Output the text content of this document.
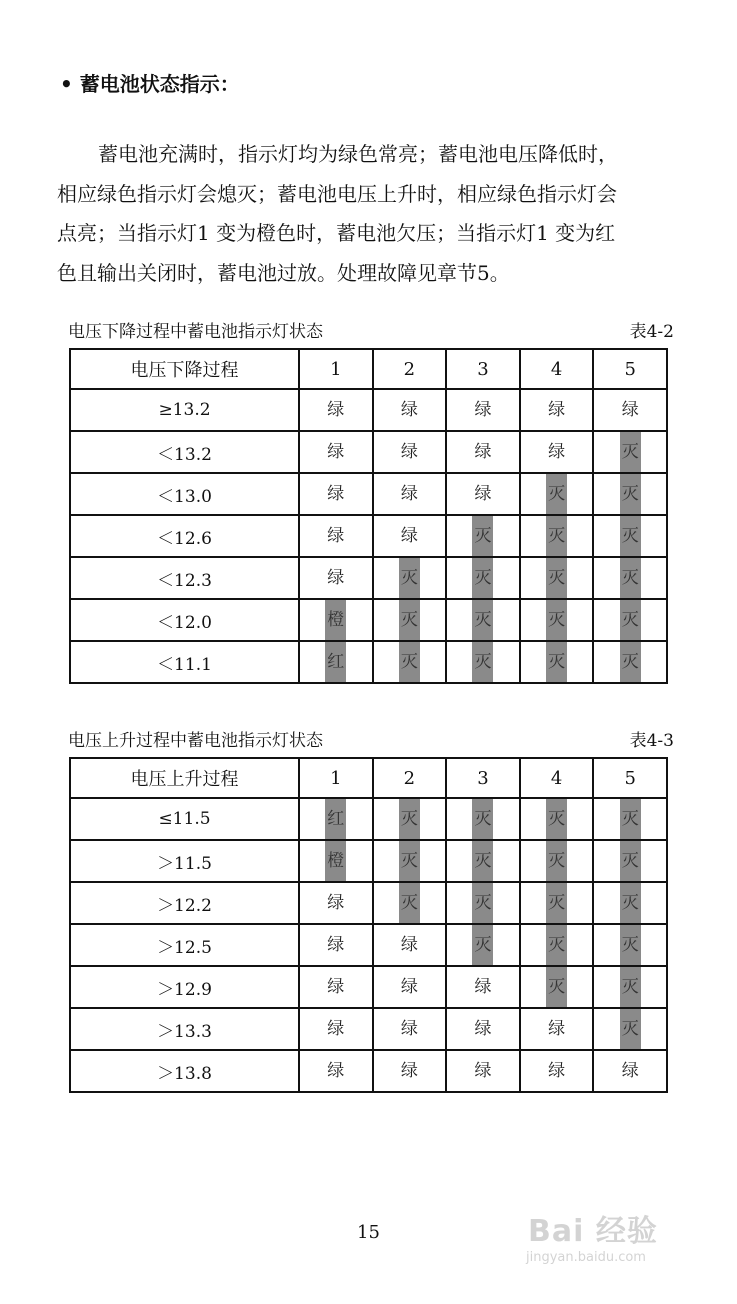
• 蓄电池状态指示：
蓄电池充满时，指示灯均为绿色常亮；蓄电池电压降低时，
相应绿色指示灯会熄灭；蓄电池电压上升时，相应绿色指示灯会
点亮；当指示灯1 变为橙色时，蓄电池欠压；当指示灯1 变为红
色且输出关闭时，蓄电池过放。处理故障见章节5。
电压下降过程中蓄电池指示灯状态	表4-2
电压下降过程	1	2	3	4	5
≥13.2	绿	绿	绿	绿	绿
＜13.2	绿	绿	绿	绿	灭
＜13.0	绿	绿	绿	灭	灭
＜12.6	绿	绿	灭	灭	灭
＜12.3	绿	灭	灭	灭	灭
＜12.0	橙	灭	灭	灭	灭
＜11.1	红	灭	灭	灭	灭
电压上升过程中蓄电池指示灯状态	表4-3
电压上升过程	1	2	3	4	5
≤11.5	红	灭	灭	灭	灭
＞11.5	橙	灭	灭	灭	灭
＞12.2	绿	灭	灭	灭	灭
＞12.5	绿	绿	灭	灭	灭
＞12.9	绿	绿	绿	灭	灭
＞13.3	绿	绿	绿	绿	灭
＞13.8	绿	绿	绿	绿	绿
15	Bai 经验
jingyan.baidu.com
